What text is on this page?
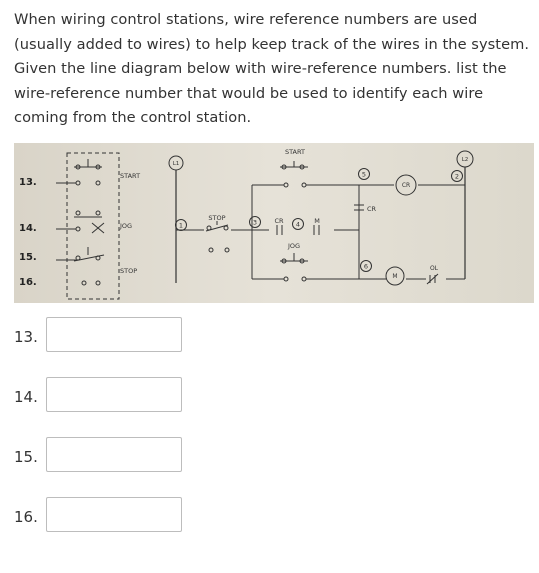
When wiring control stations, wire reference numbers are used (usually added to wires) to help keep track of the wires in the system. Given the line diagram below with wire-reference numbers. list the wire-reference number that would be used to identify each wire coming from the control station.

13.
14.
15.
16.
START
JOG
STOP
L1
L2
STOP
START
CR	M
JOG
CR
CR
M
OL
1
2
3	4
5
6
13.
14.
15.
16.
